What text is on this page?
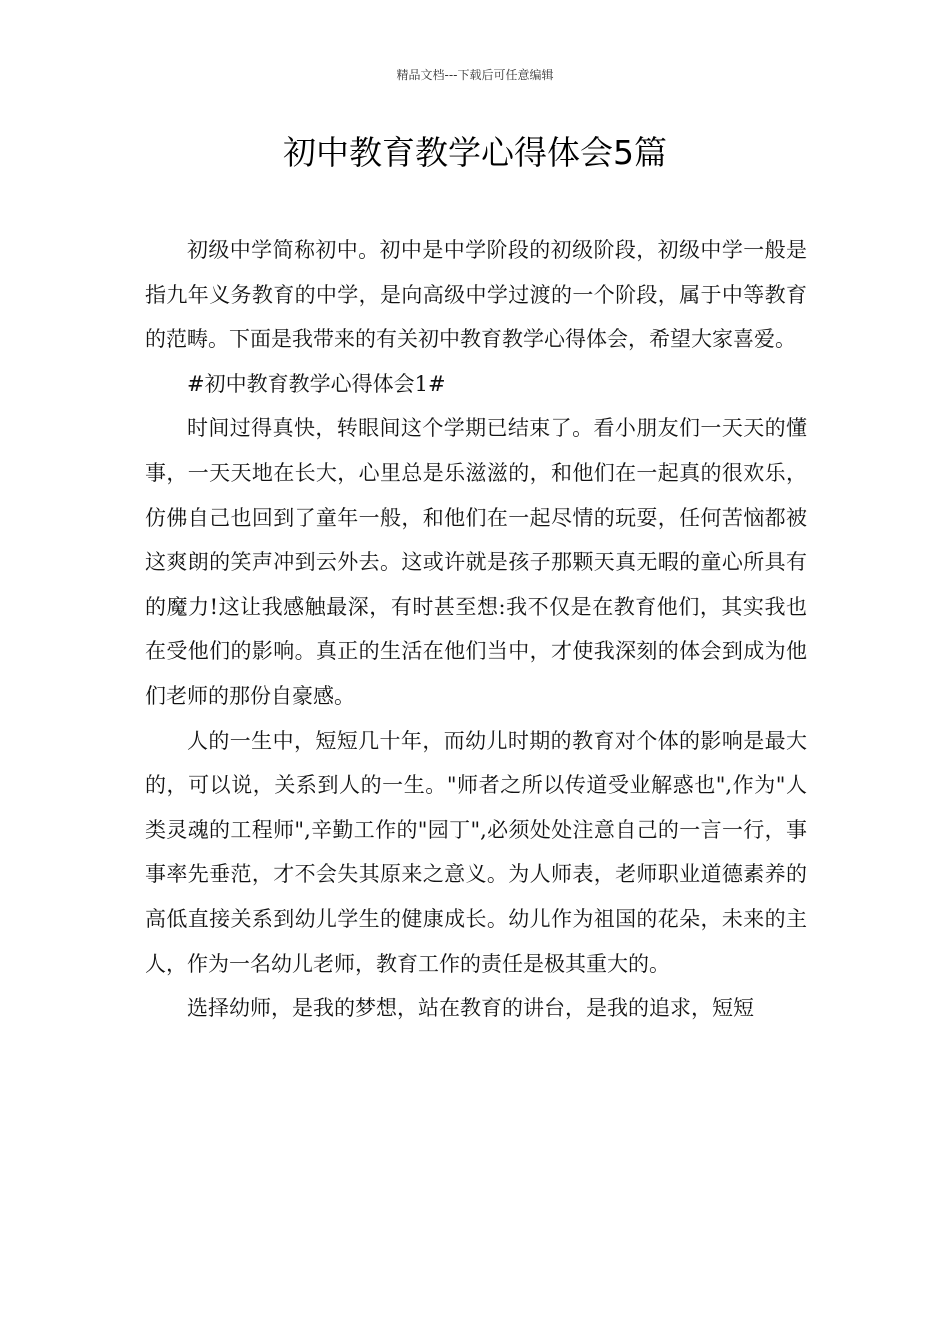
精品文档---下载后可任意编辑
初中教育教学心得体会5篇

初级中学简称初中。初中是中学阶段的初级阶段，初级中学一般是指九年义务教育的中学，是向高级中学过渡的一个阶段，属于中等教育的范畴。下面是我带来的有关初中教育教学心得体会，希望大家喜爱。

#初中教育教学心得体会1#

时间过得真快，转眼间这个学期已结束了。看小朋友们一天天的懂事，一天天地在长大，心里总是乐滋滋的，和他们在一起真的很欢乐，仿佛自己也回到了童年一般，和他们在一起尽情的玩耍，任何苦恼都被这爽朗的笑声冲到云外去。这或许就是孩子那颗天真无暇的童心所具有的魔力!这让我感触最深，有时甚至想:我不仅是在教育他们，其实我也在受他们的影响。真正的生活在他们当中，才使我深刻的体会到成为他们老师的那份自豪感。

人的一生中，短短几十年，而幼儿时期的教育对个体的影响是最大的，可以说，关系到人的一生。"师者之所以传道受业解惑也",作为"人类灵魂的工程师",辛勤工作的"园丁",必须处处注意自己的一言一行，事事率先垂范，才不会失其原来之意义。为人师表，老师职业道德素养的高低直接关系到幼儿学生的健康成长。幼儿作为祖国的花朵，未来的主人，作为一名幼儿老师，教育工作的责任是极其重大的。

选择幼师，是我的梦想，站在教育的讲台，是我的追求，短短
